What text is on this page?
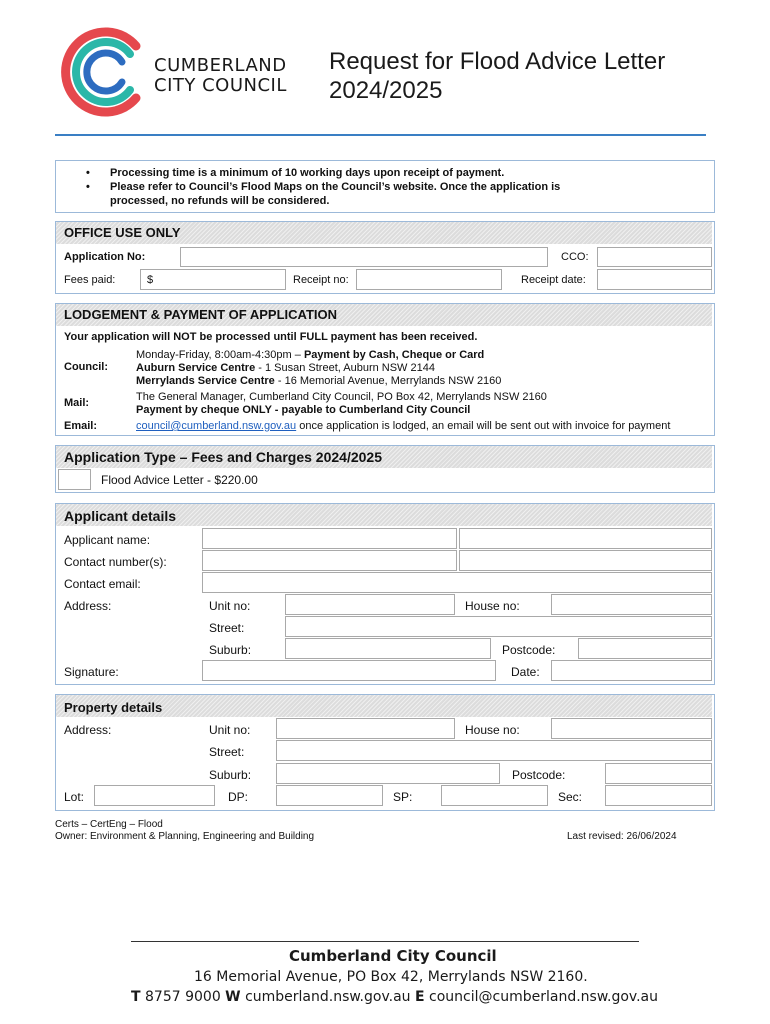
CUMBERLAND
CITY COUNCIL
Request for Flood Advice Letter
2024/2025
• Processing time is a minimum of 10 working days upon receipt of payment.
• Please refer to Council’s Flood Maps on the Council’s website. Once the application is
processed, no refunds will be considered.
OFFICE USE ONLY
Application No:	CCO:
Fees paid:	$	Receipt no:	Receipt date:
LODGEMENT & PAYMENT OF APPLICATION
Your application will NOT be processed until FULL payment has been received.
Council:
Monday-Friday, 8:00am-4:30pm – Payment by Cash, Cheque or Card
Auburn Service Centre - 1 Susan Street, Auburn NSW 2144
Merrylands Service Centre - 16 Memorial Avenue, Merrylands NSW 2160
Mail:	The General Manager, Cumberland City Council, PO Box 42, Merrylands NSW 2160
Payment by cheque ONLY - payable to Cumberland City Council
Email:	council@cumberland.nsw.gov.au once application is lodged, an email will be sent out with invoice for payment
Application Type – Fees and Charges 2024/2025
Flood Advice Letter - $220.00
Applicant details
Applicant name:
Contact number(s):
Contact email:
Address:	Unit no:	House no:
Street:
Suburb:	Postcode:
Signature:	Date:
Property details
Address:	Unit no:	House no:
Street:
Suburb:	Postcode:
Lot:	DP:	SP:	Sec:
Certs – CertEng – Flood
Owner: Environment & Planning, Engineering and Building	Last revised: 26/06/2024
Cumberland City Council
16 Memorial Avenue, PO Box 42, Merrylands NSW 2160.
T 8757 9000 W cumberland.nsw.gov.au E council@cumberland.nsw.gov.au
